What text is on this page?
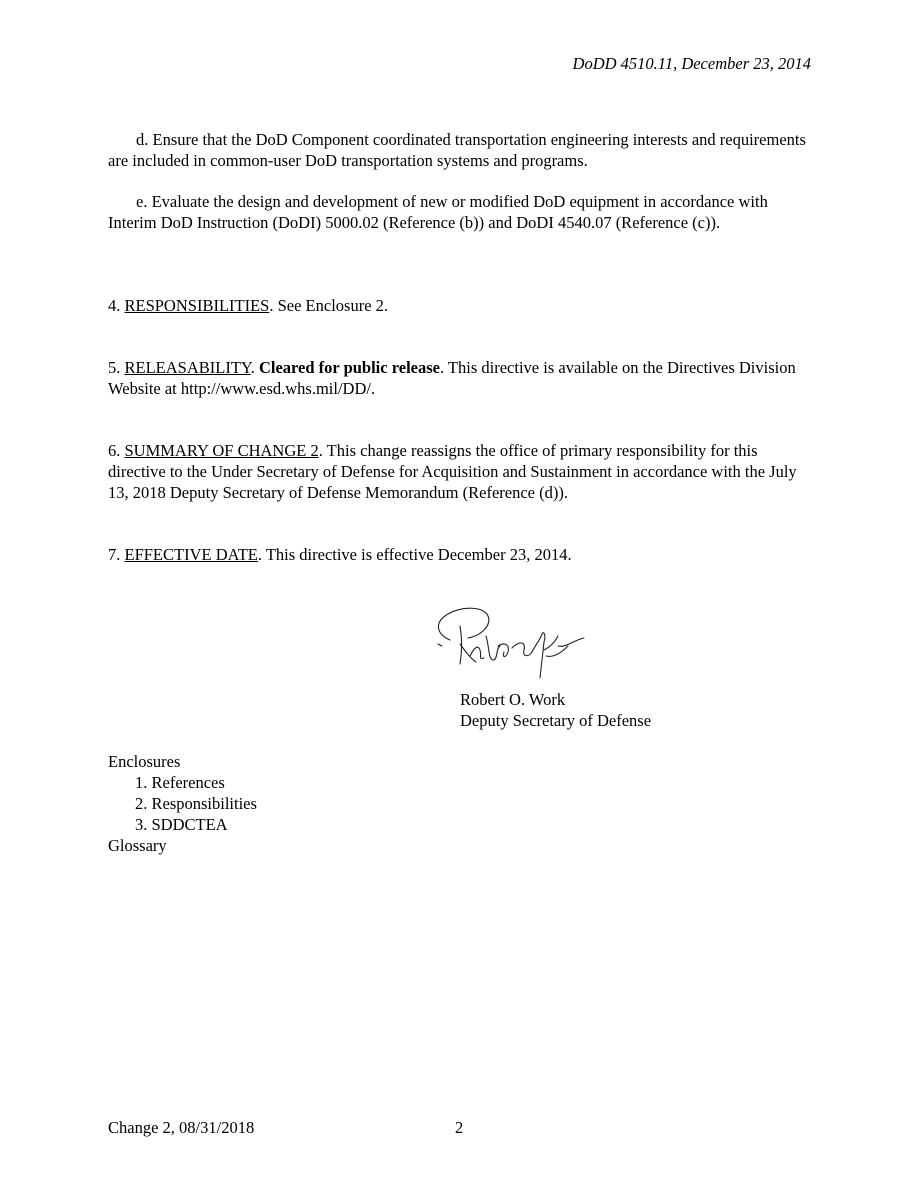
DoDD 4510.11, December 23, 2014

d. Ensure that the DoD Component coordinated transportation engineering interests and requirements are included in common-user DoD transportation systems and programs.

e. Evaluate the design and development of new or modified DoD equipment in accordance with Interim DoD Instruction (DoDI) 5000.02 (Reference (b)) and DoDI 4540.07 (Reference (c)).

4. RESPONSIBILITIES. See Enclosure 2.

5. RELEASABILITY. Cleared for public release. This directive is available on the Directives Division Website at http://www.esd.whs.mil/DD/.

6. SUMMARY OF CHANGE 2. This change reassigns the office of primary responsibility for this directive to the Under Secretary of Defense for Acquisition and Sustainment in accordance with the July 13, 2018 Deputy Secretary of Defense Memorandum (Reference (d)).

7. EFFECTIVE DATE. This directive is effective December 23, 2014.

Robert O. Work
Deputy Secretary of Defense
Enclosures
1. References
2. Responsibilities
3. SDDCTEA
Glossary
Change 2, 08/31/2018	2
